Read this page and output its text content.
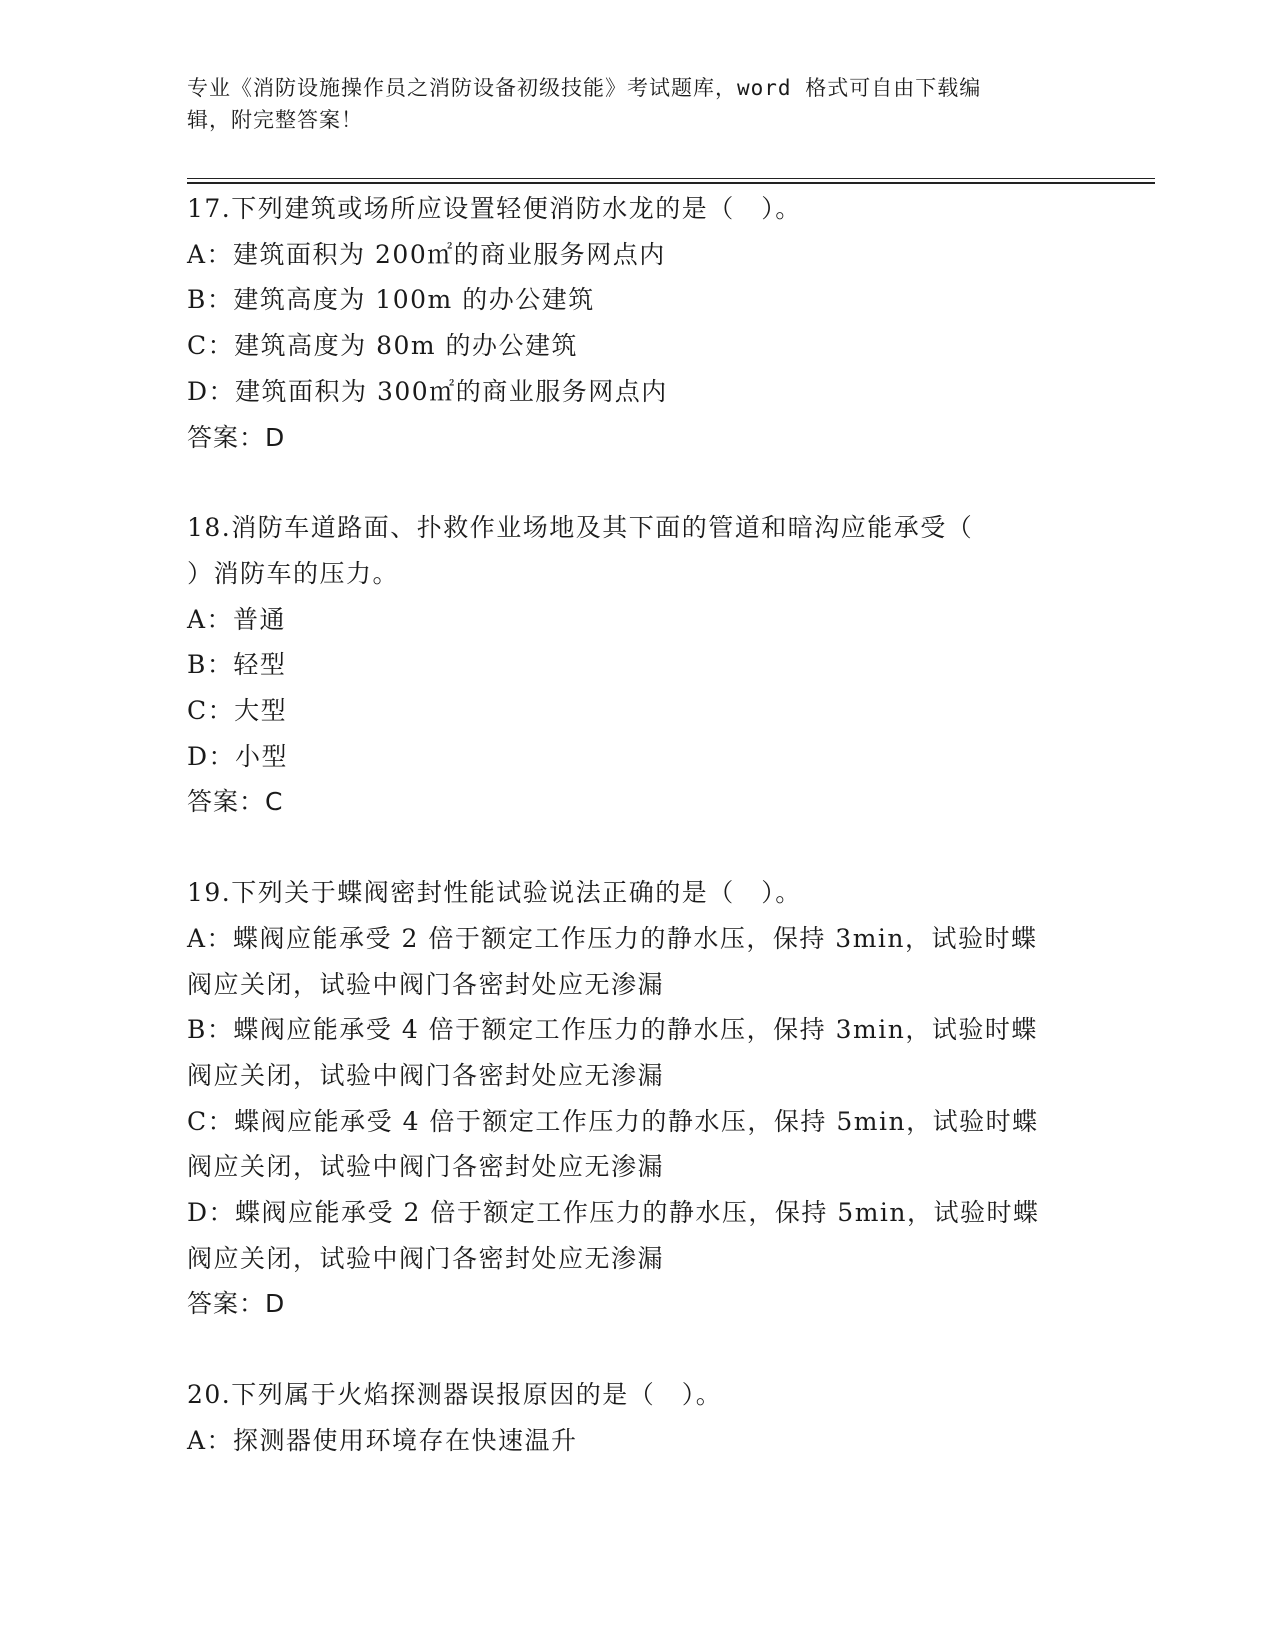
专业《消防设施操作员之消防设备初级技能》考试题库，word 格式可自由下载编
辑，附完整答案！
17.下列建筑或场所应设置轻便消防水龙的是（　）。
A：建筑面积为 200㎡的商业服务网点内
B：建筑高度为 100m 的办公建筑
C：建筑高度为 80m 的办公建筑
D：建筑面积为 300㎡的商业服务网点内
答案：D
18.消防车道路面、扑救作业场地及其下面的管道和暗沟应能承受（
）消防车的压力。
A：普通
B：轻型
C：大型
D：小型
答案：C
19.下列关于蝶阀密封性能试验说法正确的是（　）。
A：蝶阀应能承受 2 倍于额定工作压力的静水压，保持 3min，试验时蝶
阀应关闭，试验中阀门各密封处应无渗漏
B：蝶阀应能承受 4 倍于额定工作压力的静水压，保持 3min，试验时蝶
阀应关闭，试验中阀门各密封处应无渗漏
C：蝶阀应能承受 4 倍于额定工作压力的静水压，保持 5min，试验时蝶
阀应关闭，试验中阀门各密封处应无渗漏
D：蝶阀应能承受 2 倍于额定工作压力的静水压，保持 5min，试验时蝶
阀应关闭，试验中阀门各密封处应无渗漏
答案：D
20.下列属于火焰探测器误报原因的是（　）。
A：探测器使用环境存在快速温升
